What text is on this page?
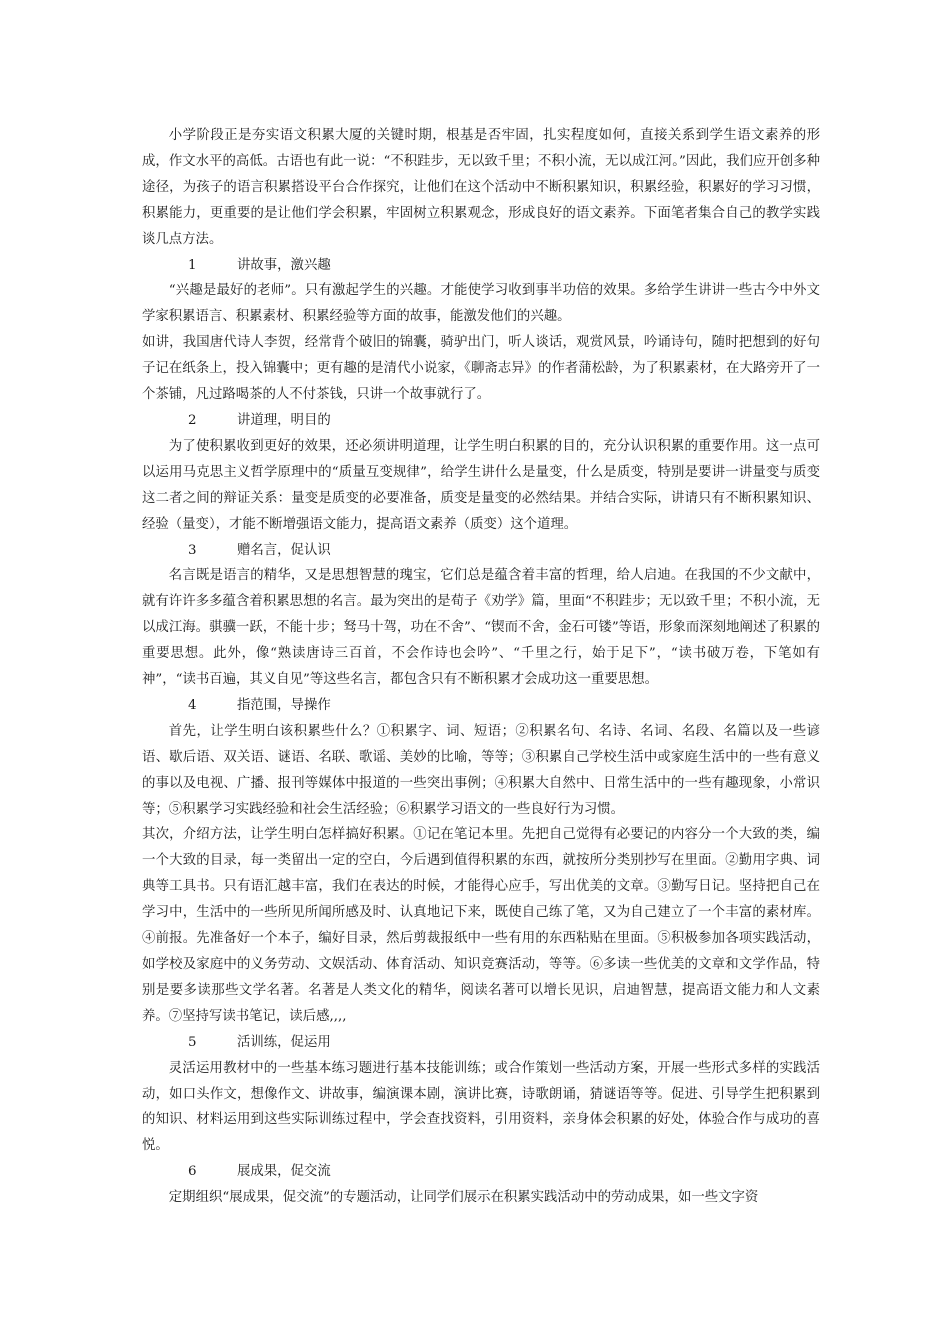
小学阶段正是夯实语文积累大厦的关键时期，根基是否牢固，扎实程度如何，直接关系到学生语文素养的形成，作文水平的高低。古语也有此一说：“不积跬步，无以致千里；不积小流，无以成江河。”因此，我们应开创多种途径，为孩子的语言积累搭设平台合作探究，让他们在这个活动中不断积累知识，积累经验，积累好的学习习惯，积累能力，更重要的是让他们学会积累，牢固树立积累观念，形成良好的语文素养。下面笔者集合自己的教学实践谈几点方法。

1	讲故事，激兴趣

“兴趣是最好的老师”。只有激起学生的兴趣。才能使学习收到事半功倍的效果。多给学生讲讲一些古今中外文学家积累语言、积累素材、积累经验等方面的故事，能激发他们的兴趣。

如讲，我国唐代诗人李贺，经常背个破旧的锦囊，骑驴出门，听人谈话，观赏风景，吟诵诗句，随时把想到的好句子记在纸条上，投入锦囊中；更有趣的是清代小说家，《聊斋志异》的作者蒲松龄，为了积累素材，在大路旁开了一个茶铺，凡过路喝茶的人不付茶钱，只讲一个故事就行了。

2	讲道理，明目的

为了使积累收到更好的效果，还必须讲明道理，让学生明白积累的目的，充分认识积累的重要作用。这一点可以运用马克思主义哲学原理中的“质量互变规律”，给学生讲什么是量变，什么是质变，特别是要讲一讲量变与质变这二者之间的辩证关系：量变是质变的必要准备，质变是量变的必然结果。并结合实际，讲请只有不断积累知识、经验（量变），才能不断增强语文能力，提高语文素养（质变）这个道理。

3	赠名言，促认识

名言既是语言的精华，又是思想智慧的瑰宝，它们总是蕴含着丰富的哲理，给人启迪。在我国的不少文献中，就有许许多多蕴含着积累思想的名言。最为突出的是荀子《劝学》篇，里面“不积跬步；无以致千里；不积小流，无以成江海。骐骥一跃，不能十步；驽马十驾，功在不舍”、“锲而不舍，金石可镂”等语，形象而深刻地阐述了积累的重要思想。此外，像“熟读唐诗三百首，不会作诗也会吟”、“千里之行，始于足下”，“读书破万卷，下笔如有神”，“读书百遍，其义自见”等这些名言，都包含只有不断积累才会成功这一重要思想。

4	指范围，导操作

首先，让学生明白该积累些什么？①积累字、词、短语；②积累名句、名诗、名词、名段、名篇以及一些谚语、歇后语、双关语、谜语、名联、歌谣、美妙的比喻，等等；③积累自己学校生活中或家庭生活中的一些有意义的事以及电视、广播、报刊等媒体中报道的一些突出事例；④积累大自然中、日常生活中的一些有趣现象，小常识等；⑤积累学习实践经验和社会生活经验；⑥积累学习语文的一些良好行为习惯。

其次，介绍方法，让学生明白怎样搞好积累。①记在笔记本里。先把自己觉得有必要记的内容分一个大致的类，编一个大致的目录，每一类留出一定的空白，今后遇到值得积累的东西，就按所分类别抄写在里面。②勤用字典、词典等工具书。只有语汇越丰富，我们在表达的时候，才能得心应手，写出优美的文章。③勤写日记。坚持把自己在学习中，生活中的一些所见所闻所感及时、认真地记下来，既使自己练了笔，又为自己建立了一个丰富的素材库。④前报。先准备好一个本子，编好目录，然后剪裁报纸中一些有用的东西粘贴在里面。⑤积极参加各项实践活动，如学校及家庭中的义务劳动、文娱活动、体育活动、知识竞赛活动，等等。⑥多读一些优美的文章和文学作品，特别是要多读那些文学名著。名著是人类文化的精华，阅读名著可以增长见识，启迪智慧，提高语文能力和人文素养。⑦坚持写读书笔记，读后感,,,,

5	活训练，促运用

灵活运用教材中的一些基本练习题进行基本技能训练；或合作策划一些活动方案，开展一些形式多样的实践活动，如口头作文，想像作文、讲故事，编演课本剧，演讲比赛，诗歌朗诵，猜谜语等等。促进、引导学生把积累到的知识、材料运用到这些实际训练过程中，学会查找资料，引用资料，亲身体会积累的好处，体验合作与成功的喜悦。

6	展成果，促交流

定期组织“展成果，促交流”的专题活动，让同学们展示在积累实践活动中的劳动成果，如一些文字资
